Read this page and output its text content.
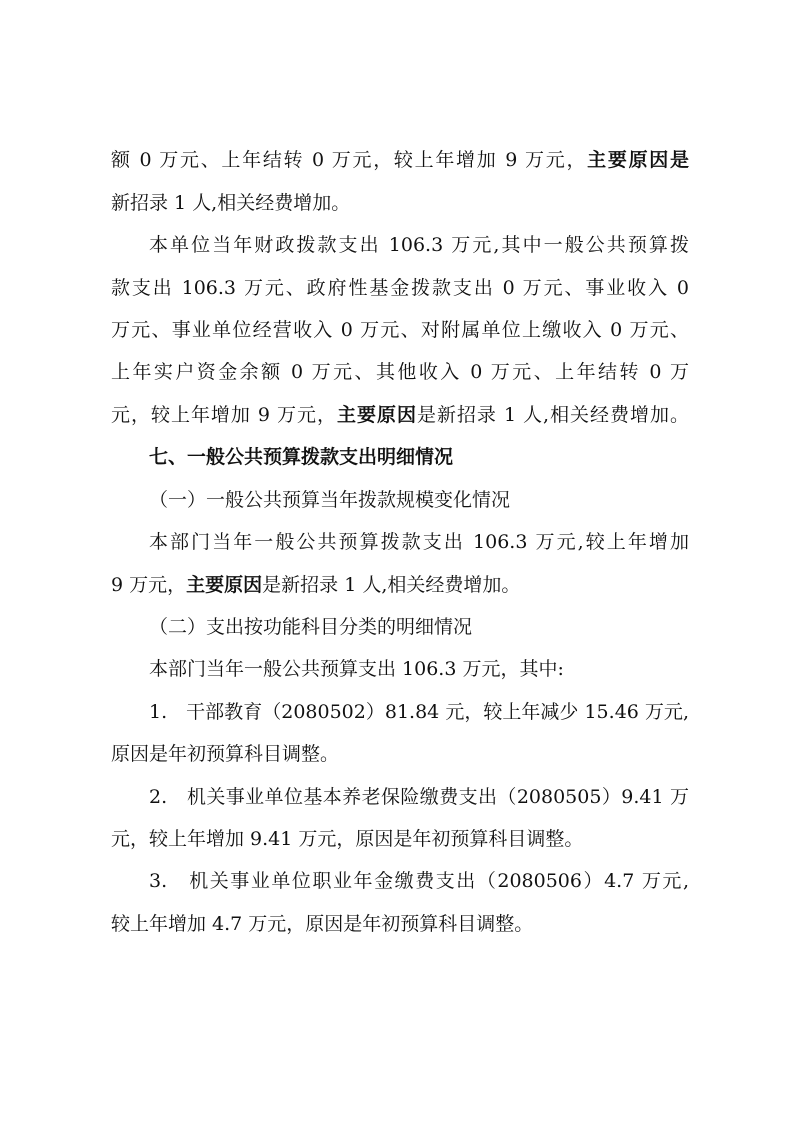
额 0 万元、上年结转 0 万元，较上年增加 9 万元，主要原因是
新招录 1 人,相关经费增加。
本单位当年财政拨款支出 106.3 万元,其中一般公共预算拨
款支出 106.3 万元、政府性基金拨款支出 0 万元、事业收入 0
万元、事业单位经营收入 0 万元、对附属单位上缴收入 0 万元、
上年实户资金余额 0 万元、其他收入 0 万元、上年结转 0 万
元，较上年增加 9 万元，主要原因是新招录 1 人,相关经费增加。
七、一般公共预算拨款支出明细情况
（一）一般公共预算当年拨款规模变化情况
本部门当年一般公共预算拨款支出 106.3 万元,较上年增加
9 万元，主要原因是新招录 1 人,相关经费增加。
（二）支出按功能科目分类的明细情况
本部门当年一般公共预算支出 106.3 万元，其中:
1.　干部教育（2080502）81.84 元，较上年减少 15.46 万元,
原因是年初预算科目调整。
2.　机关事业单位基本养老保险缴费支出（2080505）9.41 万
元，较上年增加 9.41 万元，原因是年初预算科目调整。
3.　机关事业单位职业年金缴费支出（2080506）4.7 万元,
较上年增加 4.7 万元，原因是年初预算科目调整。
